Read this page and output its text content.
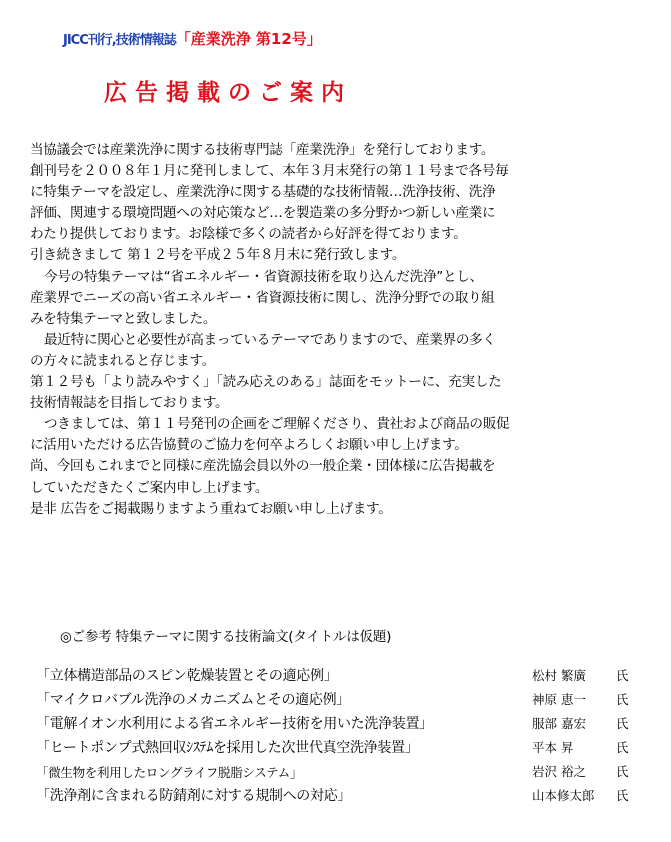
JICC刊行,技術情報誌「産業洗浄 第12号」
広告掲載のご案内
当協議会では産業洗浄に関する技術専門誌「産業洗浄」を発行しております。
創刊号を２００８年１月に発刊しまして、本年３月末発行の第１１号まで各号毎
に特集テーマを設定し、産業洗浄に関する基礎的な技術情報…洗浄技術、洗浄
評価、関連する環境問題への対応策など…を製造業の多分野かつ新しい産業に
わたり提供しております。お陰様で多くの読者から好評を得ております。
引き続きまして 第１２号を平成２５年８月末に発行致します。
今号の特集テーマは“省エネルギー・省資源技術を取り込んだ洗浄”とし、
産業界でニーズの高い省エネルギー・省資源技術に関し、洗浄分野での取り組
みを特集テーマと致しました。
最近特に関心と必要性が高まっているテーマでありますので、産業界の多く
の方々に読まれると存じます。
第１２号も「より読みやすく」「読み応えのある」誌面をモットーに、充実した
技術情報誌を目指しております。
つきましては、第１１号発刊の企画をご理解くださり、貴社および商品の販促
に活用いただける広告協賛のご協力を何卒よろしくお願い申し上げます。
尚、今回もこれまでと同様に産洗協会員以外の一般企業・団体様に広告掲載を
していただきたくご案内申し上げます。
是非 広告をご掲載賜りますよう重ねてお願い申し上げます。
◎ご参考 特集テーマに関する技術論文(タイトルは仮題)
「立体構造部品のスピン乾燥装置とその適応例」	松村 繁廣 氏
「マイクロバブル洗浄のメカニズムとその適応例」	神原 恵一 氏
「電解イオン水利用による省エネルギー技術を用いた洗浄装置」	服部 嘉宏 氏
「ヒートポンプ式熱回収ｼｽﾃﾑを採用した次世代真空洗浄装置」	平本 昇	氏
「微生物を利用したロングライフ脱脂システム」	岩沢 裕之 氏
「洗浄剤に含まれる防錆剤に対する規制への対応」	山本修太郎 氏
